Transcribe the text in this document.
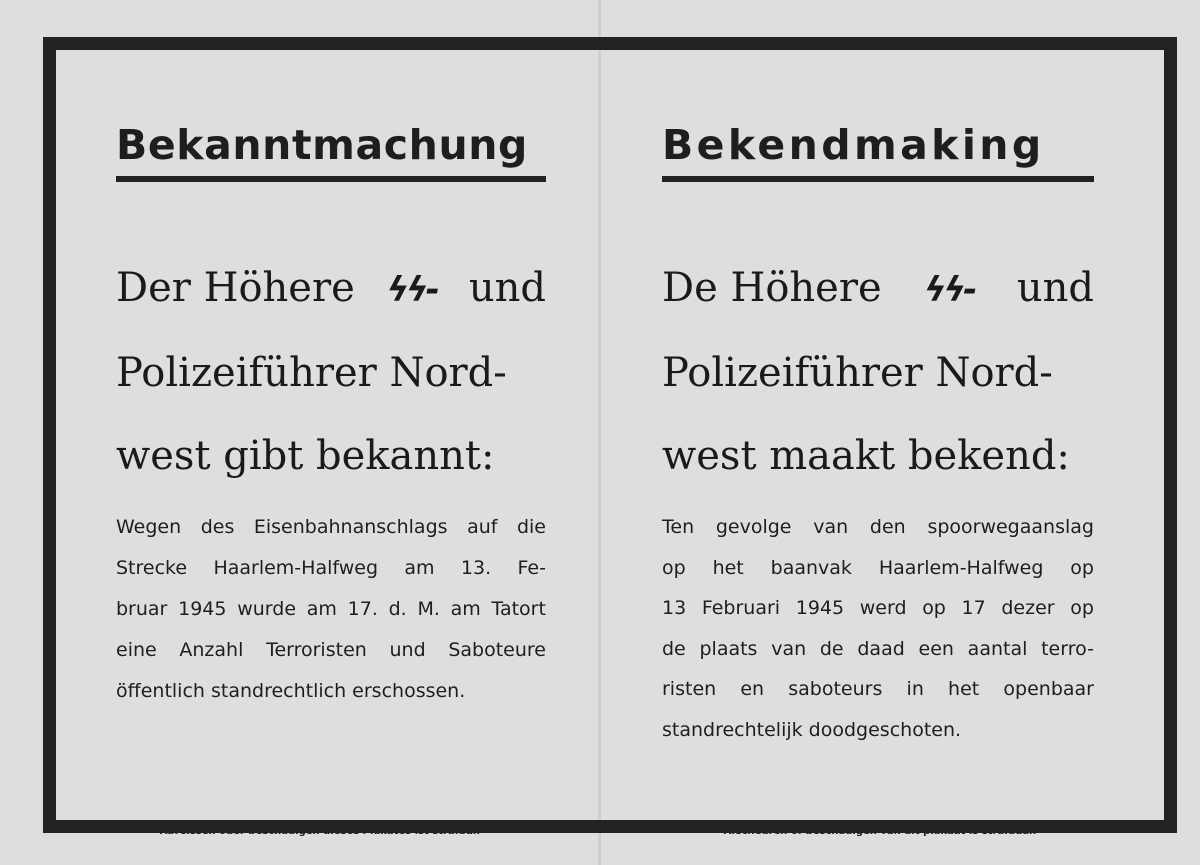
Bekanntmachung
Der Höhere ϟϟ- und
Polizeiführer Nord-
west gibt bekannt:
Wegen des Eisenbahnanschlags auf die
Strecke Haarlem-Halfweg am 13. Fe-
bruar 1945 wurde am 17. d. M. am Tatort
eine Anzahl Terroristen und Saboteure
öffentlich standrechtlich erschossen.
Bekendmaking
De Höhere ϟϟ- und
Polizeiführer Nord-
west maakt bekend:
Ten gevolge van den spoorwegaanslag
op het baanvak Haarlem-Halfweg op
13 Februari 1945 werd op 17 dezer op
de plaats van de daad een aantal terro-
risten en saboteurs in het openbaar
standrechtelijk doodgeschoten.
Abreissen oder beschädigen dieses Plakates ist strafbar.	Afscheuren of beschadigen van dit plakaat is strafbaar.
